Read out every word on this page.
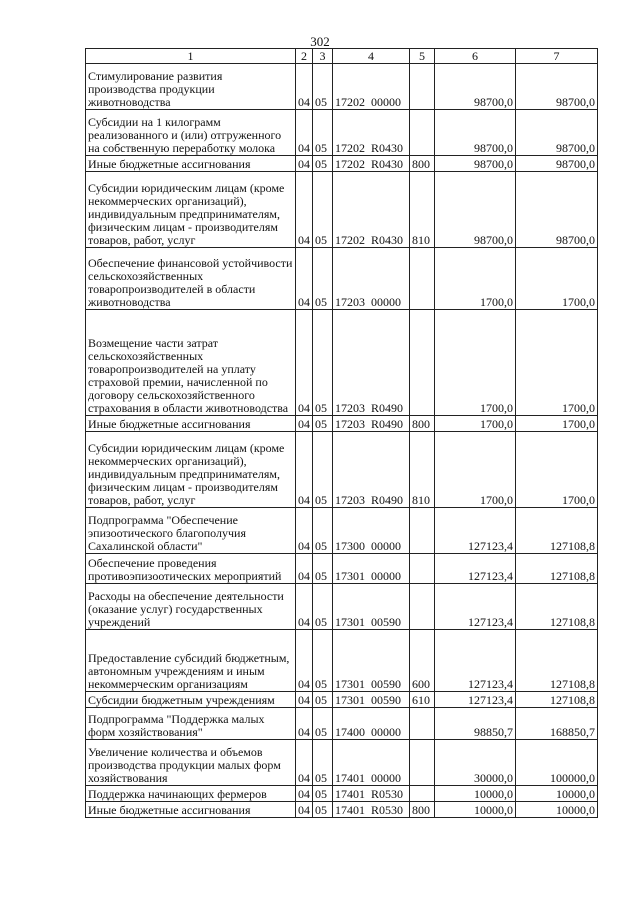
302
1	2	3	4	5	6	7
Стимулирование развития производства продукции животноводства	04	05	17202  00000		98700,0	98700,0
Субсидии на 1 килограмм реализованного и (или) отгруженного на собственную переработку молока	04	05	17202  R0430		98700,0	98700,0
Иные бюджетные ассигнования	04	05	17202  R0430	800	98700,0	98700,0
Субсидии юридическим лицам (кроме некоммерческих организаций), индивидуальным предпринимателям, физическим лицам - производителям товаров, работ, услуг	04	05	17202  R0430	810	98700,0	98700,0
Обеспечение финансовой устойчивости сельскохозяйственных товаропроизводителей в области животноводства	04	05	17203  00000		1700,0	1700,0
Возмещение части затрат сельскохозяйственных товаропроизводителей на уплату страховой премии, начисленной по договору сельскохозяйственного страхования в области животноводства	04	05	17203  R0490		1700,0	1700,0
Иные бюджетные ассигнования	04	05	17203  R0490	800	1700,0	1700,0
Субсидии юридическим лицам (кроме некоммерческих организаций), индивидуальным предпринимателям, физическим лицам - производителям товаров, работ, услуг	04	05	17203  R0490	810	1700,0	1700,0
Подпрограмма "Обеспечение эпизоотического благополучия Сахалинской области"	04	05	17300  00000		127123,4	127108,8
Обеспечение проведения противоэпизоотических мероприятий	04	05	17301  00000		127123,4	127108,8
Расходы на обеспечение деятельности (оказание услуг) государственных учреждений	04	05	17301  00590		127123,4	127108,8
Предоставление субсидий бюджетным, автономным учреждениям и иным некоммерческим организациям	04	05	17301  00590	600	127123,4	127108,8
Субсидии бюджетным учреждениям	04	05	17301  00590	610	127123,4	127108,8
Подпрограмма "Поддержка малых форм хозяйствования"	04	05	17400  00000		98850,7	168850,7
Увеличение количества и объемов производства продукции малых форм хозяйствования	04	05	17401  00000		30000,0	100000,0
Поддержка начинающих фермеров	04	05	17401  R0530		10000,0	10000,0
Иные бюджетные ассигнования	04	05	17401  R0530	800	10000,0	10000,0
